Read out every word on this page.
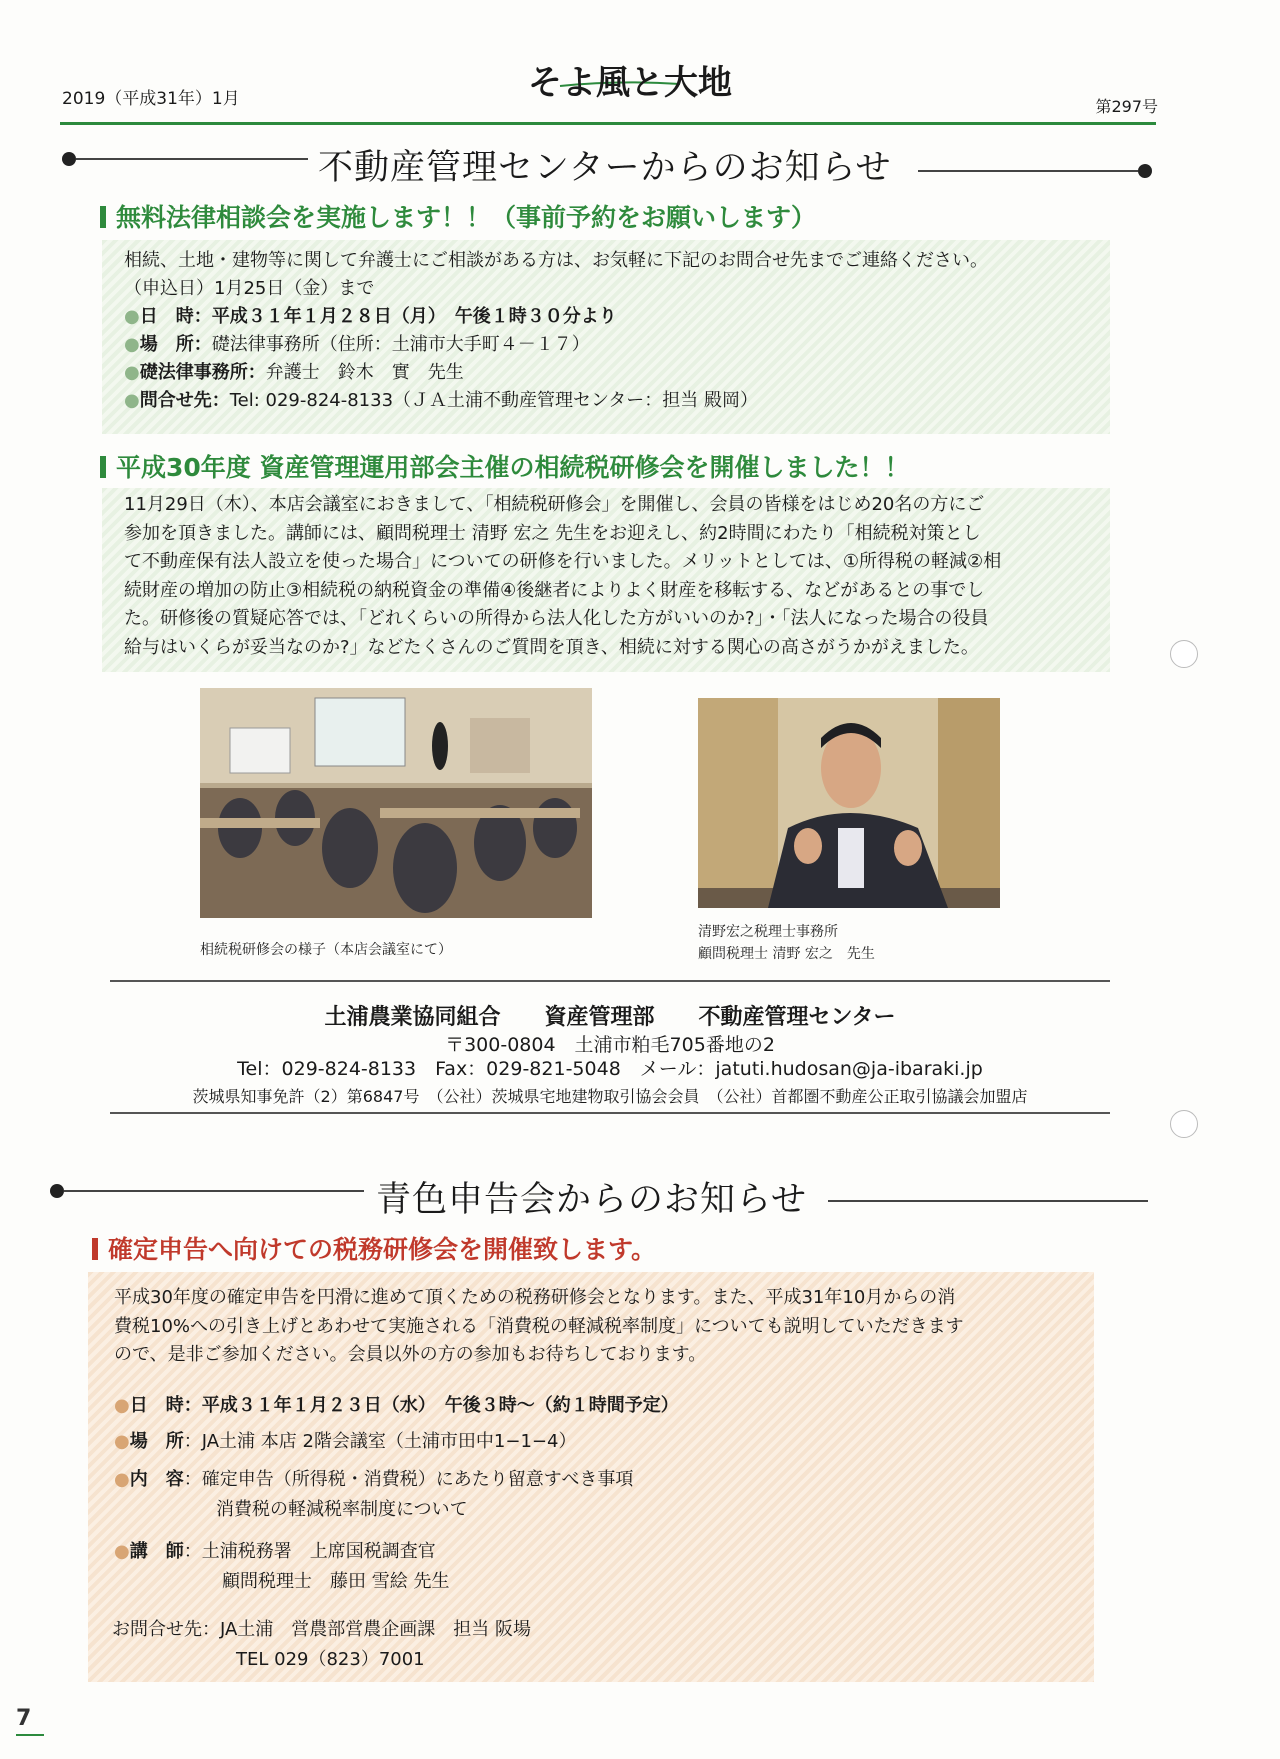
2019（平成31年）1月	そよ風と大地
第297号
不動産管理センターからのお知らせ
無料法律相談会を実施します！！（事前予約をお願いします）
相続、土地・建物等に関して弁護士にご相談がある方は、お気軽に下記のお問合せ先までご連絡ください。
（申込日）1月25日（金）まで
●日　時：平成３１年１月２８日（月）　午後１時３０分より
●場　所：礎法律事務所（住所：土浦市大手町４－１７）
●礎法律事務所：弁護士　鈴木　實　先生
●問合せ先：Tel: 029-824-8133（ＪＡ土浦不動産管理センター：担当 殿岡）
平成30年度 資産管理運用部会主催の相続税研修会を開催しました！！
11月29日（木）、本店会議室におきまして、「相続税研修会」を開催し、会員の皆様をはじめ20名の方にご
参加を頂きました。講師には、顧問税理士 清野 宏之 先生をお迎えし、約2時間にわたり「相続税対策とし
て不動産保有法人設立を使った場合」についての研修を行いました。メリットとしては、①所得税の軽減②相
続財産の増加の防止③相続税の納税資金の準備④後継者によりよく財産を移転する、などがあるとの事でし
た。研修後の質疑応答では、「どれくらいの所得から法人化した方がいいのか?」・「法人になった場合の役員
給与はいくらが妥当なのか?」などたくさんのご質問を頂き、相続に対する関心の高さがうかがえました。
相続税研修会の様子（本店会議室にて）
清野宏之税理士事務所
顧問税理士 清野 宏之　先生
土浦農業協同組合　　資産管理部　　不動産管理センター
〒300-0804　土浦市粕毛705番地の2
Tel：029-824-8133　Fax：029-821-5048　メール：jatuti.hudosan@ja-ibaraki.jp
茨城県知事免許（2）第6847号　（公社）茨城県宅地建物取引協会会員　（公社）首都圏不動産公正取引協議会加盟店
青色申告会からのお知らせ
確定申告へ向けての税務研修会を開催致します。
平成30年度の確定申告を円滑に進めて頂くための税務研修会となります。また、平成31年10月からの消
費税10%への引き上げとあわせて実施される「消費税の軽減税率制度」についても説明していただきます
ので、是非ご参加ください。会員以外の方の参加もお待ちしております。
●日　時：平成３１年１月２３日（水）　午後３時～（約１時間予定）
●場　所：JA土浦 本店 2階会議室（土浦市田中1−1−4）
●内　容：確定申告（所得税・消費税）にあたり留意すべき事項
消費税の軽減税率制度について
●講　師：土浦税務署　上席国税調査官
顧問税理士　藤田 雪絵 先生
お問合せ先：JA土浦　営農部営農企画課　担当 阪場
TEL 029（823）7001
7
